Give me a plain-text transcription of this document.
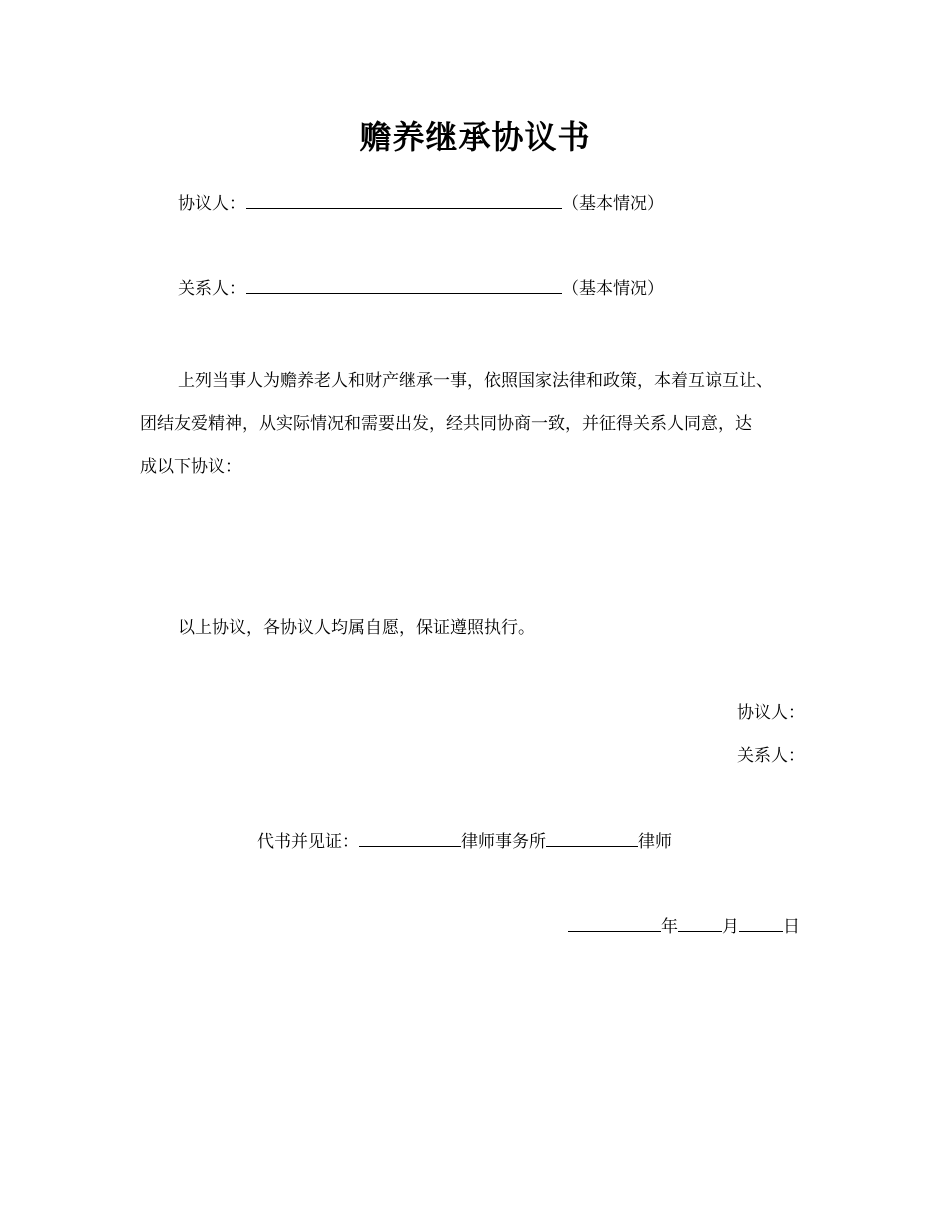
赡养继承协议书
协议人：	（基本情况）
关系人：	（基本情况）
上列当事人为赡养老人和财产继承一事，依照国家法律和政策，本着互谅互让、
团结友爱精神，从实际情况和需要出发，经共同协商一致，并征得关系人同意，达
成以下协议：
以上协议，各协议人均属自愿，保证遵照执行。
协议人：
关系人：
代书并见证：	律师事务所	律师
年	月	日
